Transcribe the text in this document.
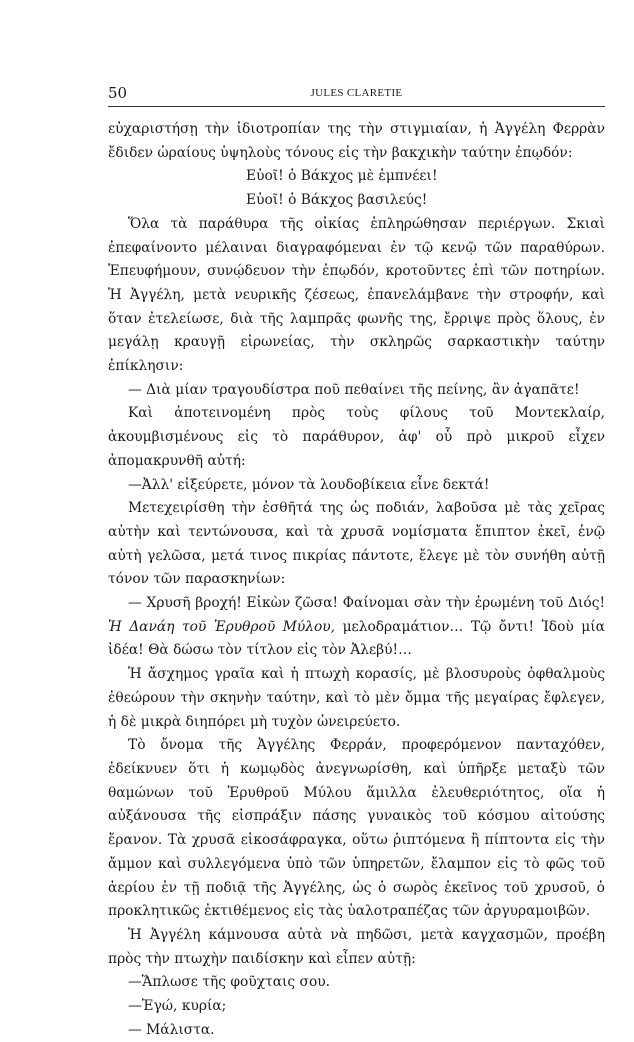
50	JULES CLARETIE

εὐχαριστήσῃ τὴν ἰδιοτροπίαν της τὴν στιγμιαίαν, ἡ Ἀγγέλη Φερρὰν ἔδιδεν ὡραίους ὑψηλοὺς τόνους εἰς τὴν βακχικὴν ταύτην ἐπῳδόν:

Εὐοῖ! ὁ Βάκχος μὲ ἐμπνέει!

Εὐοῖ! ὁ Βάκχος βασιλεύς!

Ὅλα τὰ παράθυρα τῆς οἰκίας ἐπληρώθησαν περιέργων. Σκιαὶ ἐπεφαίνοντο μέλαιναι διαγραφόμεναι ἐν τῷ κενῷ τῶν παραθύρων. Ἐπευφήμουν, συνῴδευον τὴν ἐπῳδόν, κροτοῦντες ἐπὶ τῶν ποτηρίων. Ἡ Ἀγγέλη, μετὰ νευρικῆς ζέσεως, ἐπανελάμβανε τὴν στροφήν, καὶ ὅταν ἐτελείωσε, διὰ τῆς λαμπρᾶς φωνῆς της, ἔρριψε πρὸς ὅλους, ἐν μεγάλῃ κραυγῇ εἰρωνείας, τὴν σκληρῶς σαρκαστικὴν ταύτην ἐπίκλησιν:

— Διὰ μίαν τραγουδίστρα ποῦ πεθαίνει τῆς πείνης, ἂν ἀγαπᾶτε!

Καὶ ἀποτεινομένη πρὸς τοὺς φίλους τοῦ Μοντεκλαίρ, ἀκουμβισμένους εἰς τὸ παράθυρον, ἀφ' οὗ πρὸ μικροῦ εἶχεν ἀπομακρυνθῆ αὐτή:

—Ἀλλ' εἰξεύρετε, μόνον τὰ λουδοβίκεια εἶνε δεκτά!

Μετεχειρίσθη τὴν ἐσθῆτά της ὡς ποδιάν, λαβοῦσα μὲ τὰς χεῖρας αὐτὴν καὶ τεντώνουσα, καὶ τὰ χρυσᾶ νομίσματα ἔπιπτον ἐκεῖ, ἐνῷ αὐτὴ γελῶσα, μετά τινος πικρίας πάντοτε, ἔλεγε μὲ τὸν συνήθη αὐτῇ τόνον τῶν παρασκηνίων:

— Χρυσῆ βροχή! Εἰκὼν ζῶσα! Φαίνομαι σὰν τὴν ἐρωμένη τοῦ Διός! Ἡ Δανάη τοῦ Ἐρυθροῦ Μύλου, μελοδραμάτιον… Τῷ ὄντι! Ἰδοὺ μία ἰδέα! Θὰ δώσω τὸν τίτλον εἰς τὸν Ἀλεβύ!…

Ἡ ἄσχημος γραῖα καὶ ἡ πτωχὴ κορασίς, μὲ βλοσυροὺς ὀφθαλμοὺς ἐθεώρουν τὴν σκηνὴν ταύτην, καὶ τὸ μὲν ὄμμα τῆς μεγαίρας ἔφλεγεν, ἡ δὲ μικρὰ διηπόρει μὴ τυχὸν ὠνειρεύετο.

Τὸ ὄνομα τῆς Ἀγγέλης Φερράν, προφερόμενον πανταχόθεν, ἐδείκνυεν ὅτι ἡ κωμῳδὸς ἀνεγνωρίσθη, καὶ ὑπῆρξε μεταξὺ τῶν θαμώνων τοῦ Ἐρυθροῦ Μύλου ἅμιλλα ἐλευθεριότητος, οἵα ἡ αὐξάνουσα τῆς εἰσπράξιν πάσης γυναικὸς τοῦ κόσμου αἰτούσης ἔρανον. Τὰ χρυσᾶ εἰκοσάφραγκα, οὕτω ῥιπτόμενα ἢ πίπτοντα εἰς τὴν ἄμμον καὶ συλλεγόμενα ὑπὸ τῶν ὑπηρετῶν, ἔλαμπον εἰς τὸ φῶς τοῦ ἀερίου ἐν τῇ ποδιᾷ τῆς Ἀγγέλης, ὡς ὁ σωρὸς ἐκεῖνος τοῦ χρυσοῦ, ὁ προκλητικῶς ἐκτιθέμενος εἰς τὰς ὑαλοτραπέζας τῶν ἀργυραμοιβῶν.

Ἡ Ἀγγέλη κάμνουσα αὐτὰ νὰ πηδῶσι, μετὰ καγχασμῶν, προέβη πρὸς τὴν πτωχὴν παιδίσκην καὶ εἶπεν αὐτῇ:

—Ἅπλωσε τῆς φοῦχταις σου.

—Ἐγώ, κυρία;

— Μάλιστα.
